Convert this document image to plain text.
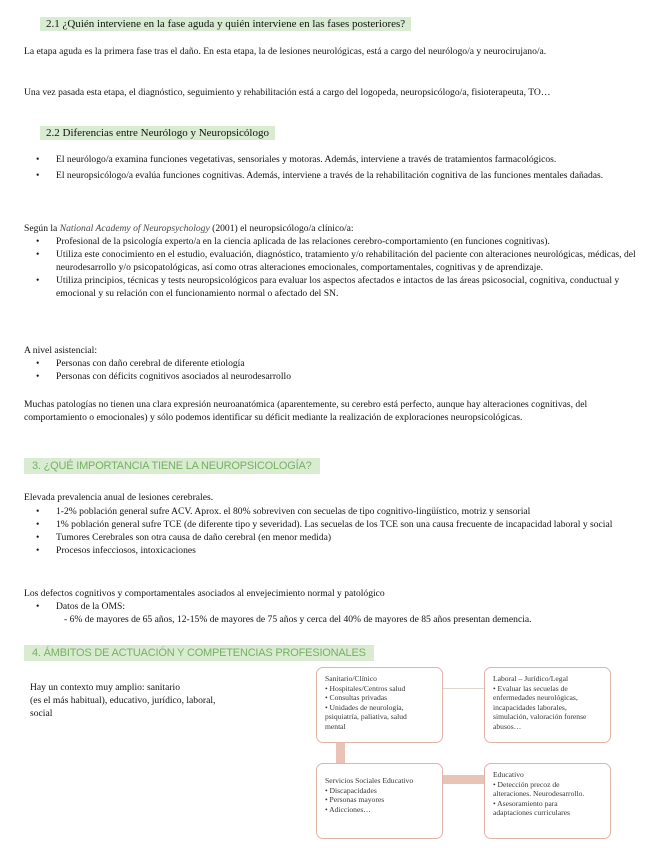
2.1 ¿Quién interviene en la fase aguda y quién interviene en las fases posteriores?

La etapa aguda es la primera fase tras el daño. En esta etapa, la de lesiones neurológicas, está a cargo del neurólogo/a y neurocirujano/a.

Una vez pasada esta etapa, el diagnóstico, seguimiento y rehabilitación está a cargo del logopeda, neuropsicólogo/a, fisioterapeuta, TO…

2.2 Diferencias entre Neurólogo y Neuropsicólogo
• El neurólogo/a examina funciones vegetativas, sensoriales y motoras. Además, interviene a través de tratamientos farmacológicos.
• El neuropsicólogo/a evalúa funciones cognitivas. Además, interviene a través de la rehabilitación cognitiva de las funciones mentales dañadas.

Según la National Academy of Neuropsychology (2001) el neuropsicólogo/a clínico/a:

• Profesional de la psicología experto/a en la ciencia aplicada de las relaciones cerebro-comportamiento (en funciones cognitivas).
• Utiliza este conocimiento en el estudio, evaluación, diagnóstico, tratamiento y/o rehabilitación del paciente con alteraciones neurológicas, médicas, del neurodesarrollo y/o psicopatológicas, así como otras alteraciones emocionales, comportamentales, cognitivas y de aprendizaje.
• Utiliza principios, técnicas y tests neuropsicológicos para evaluar los aspectos afectados e intactos de las áreas psicosocial, cognitiva, conductual y emocional y su relación con el funcionamiento normal o afectado del SN.

A nivel asistencial:

• Personas con daño cerebral de diferente etiología
• Personas con déficits cognitivos asociados al neurodesarrollo

Muchas patologías no tienen una clara expresión neuroanatómica (aparentemente, su cerebro está perfecto, aunque hay alteraciones cognitivas, del comportamiento o emocionales) y sólo podemos identificar su déficit mediante la realización de exploraciones neuropsicológicas.

3. ¿QUÉ IMPORTANCIA TIENE LA NEUROPSICOLOGÍA?

Elevada prevalencia anual de lesiones cerebrales.

• 1-2% población general sufre ACV. Aprox. el 80% sobreviven con secuelas de tipo cognitivo-lingüístico, motriz y sensorial
• 1% población general sufre TCE (de diferente tipo y severidad). Las secuelas de los TCE son una causa frecuente de incapacidad laboral y social
• Tumores Cerebrales son otra causa de daño cerebral (en menor medida)
• Procesos infecciosos, intoxicaciones

Los defectos cognitivos y comportamentales asociados al envejecimiento normal y patológico

• Datos de la OMS:
- 6% de mayores de 65 años, 12-15% de mayores de 75 años y cerca del 40% de mayores de 85 años presentan demencia.
4. ÁMBITOS DE ACTUACIÓN Y COMPETENCIAS PROFESIONALES
Hay un contexto muy amplio: sanitario
(es el más habitual), educativo, jurídico, laboral,
social

Sanitario/Clínico

• Hospitales/Centros salud

• Consultas privadas

• Unidades de neurología,

psiquiatría, paliativa, salud

mental

Laboral – Jurídico/Legal

• Evaluar las secuelas de

enfermedades neurológicas,

incapacidades laborales,

simulación, valoración forense

abusos…

Servicios Sociales Educativo

• Discapacidades

• Personas mayores

• Adicciones…

Educativo

• Detección precoz de

alteraciones. Neurodesarrollo.

• Asesoramiento para

adaptaciones curriculares
